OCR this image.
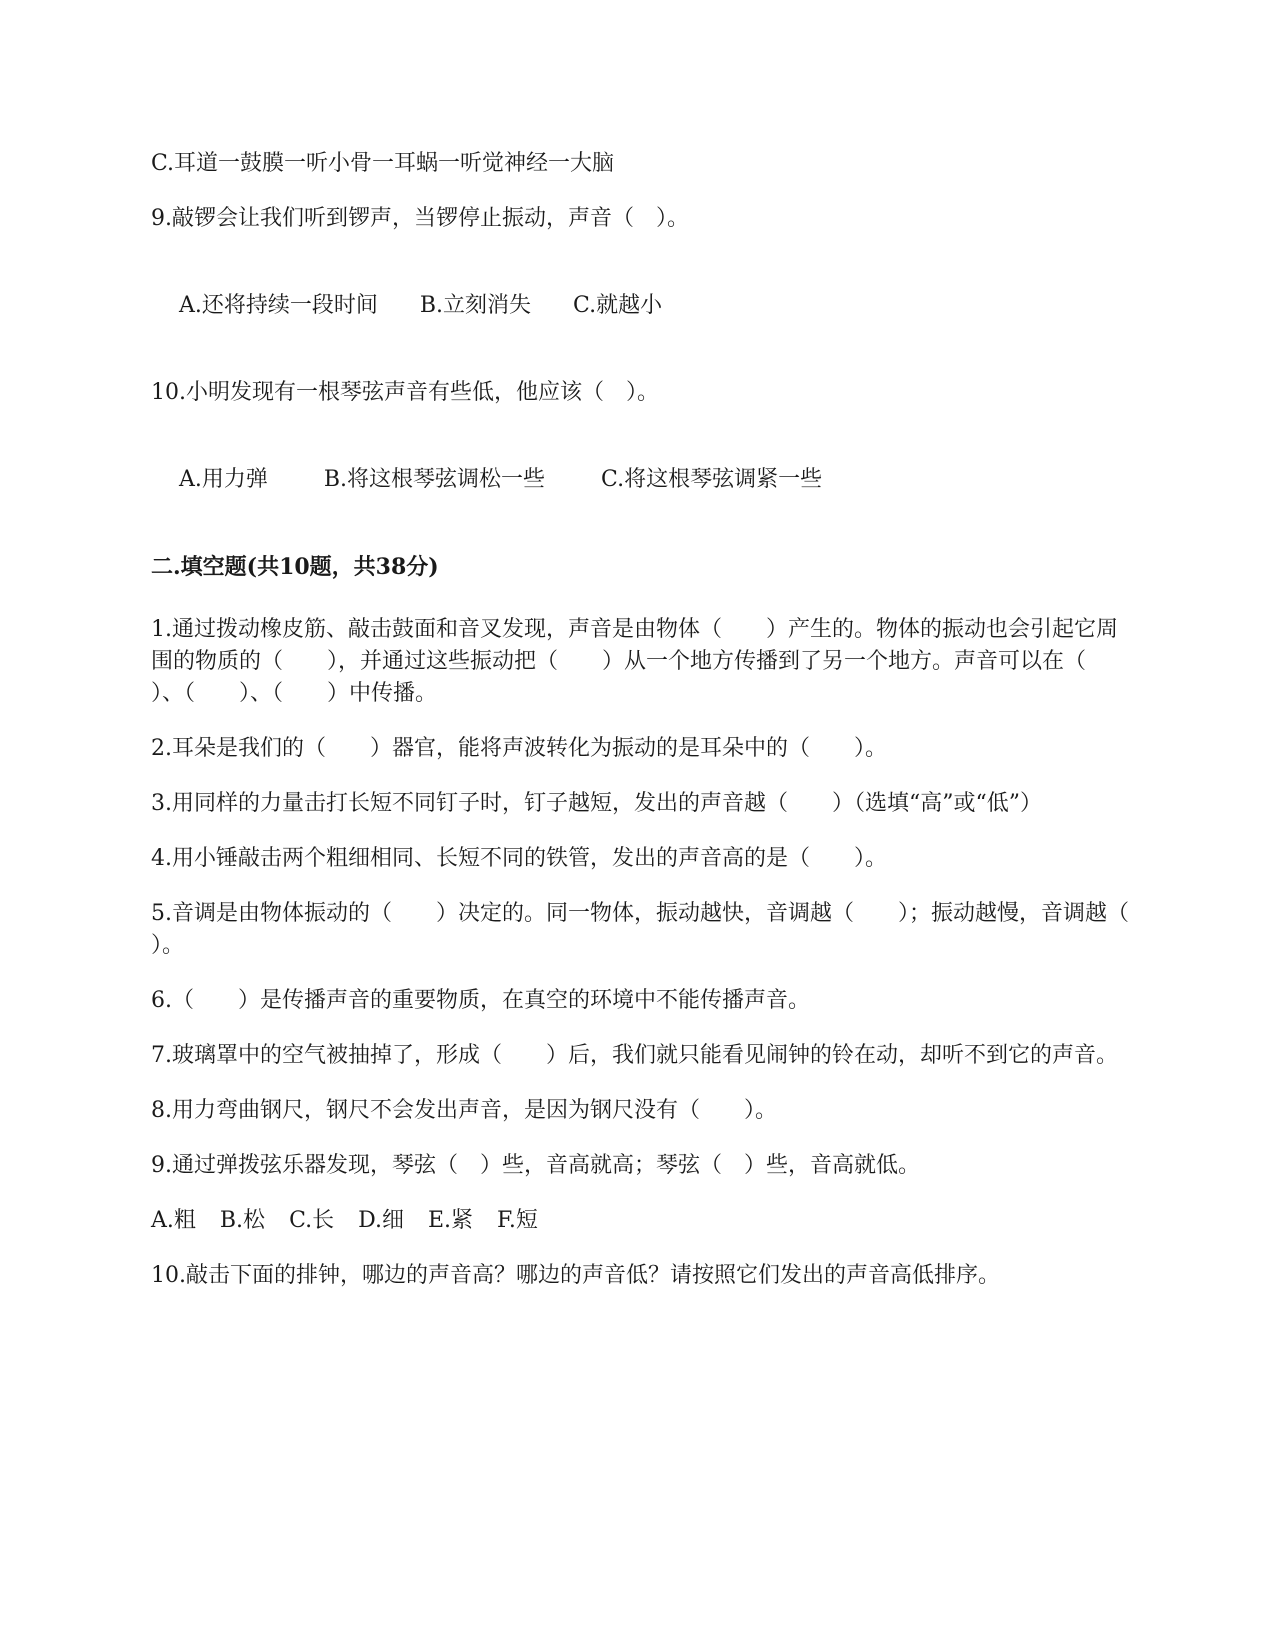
C.耳道一鼓膜一听小骨一耳蜗一听觉神经一大脑

9.敲锣会让我们听到锣声，当锣停止振动，声音（　）。

A.还将持续一段时间 B.立刻消失 C.就越小

10.小明发现有一根琴弦声音有些低，他应该（　）。

A.用力弹	B.将这根琴弦调松一些	C.将这根琴弦调紧一些

二.填空题(共10题，共38分)

1.通过拨动橡皮筋、敲击鼓面和音叉发现，声音是由物体（　　）产生的。物体的振动也会引起它周围的物质的（　　），并通过这些振动把（　　）从一个地方传播到了另一个地方。声音可以在（　　）、（　　）、（　　）中传播。

2.耳朵是我们的（　　）器官，能将声波转化为振动的是耳朵中的（　　）。

3.用同样的力量击打长短不同钉子时，钉子越短，发出的声音越（　　）（选填“高”或“低”）

4.用小锤敲击两个粗细相同、长短不同的铁管，发出的声音高的是（　　）。

5.音调是由物体振动的（　　）决定的。同一物体，振动越快，音调越（　　）；振动越慢，音调越（　　）。

6.（　　）是传播声音的重要物质，在真空的环境中不能传播声音。

7.玻璃罩中的空气被抽掉了，形成（　　）后，我们就只能看见闹钟的铃在动，却听不到它的声音。

8.用力弯曲钢尺，钢尺不会发出声音，是因为钢尺没有（　　）。

9.通过弹拨弦乐器发现，琴弦（　）些，音高就高；琴弦（　）些，音高就低。

A.粗 B.松 C.长 D.细 E.紧 F.短

10.敲击下面的排钟，哪边的声音高？哪边的声音低？请按照它们发出的声音高低排序。
